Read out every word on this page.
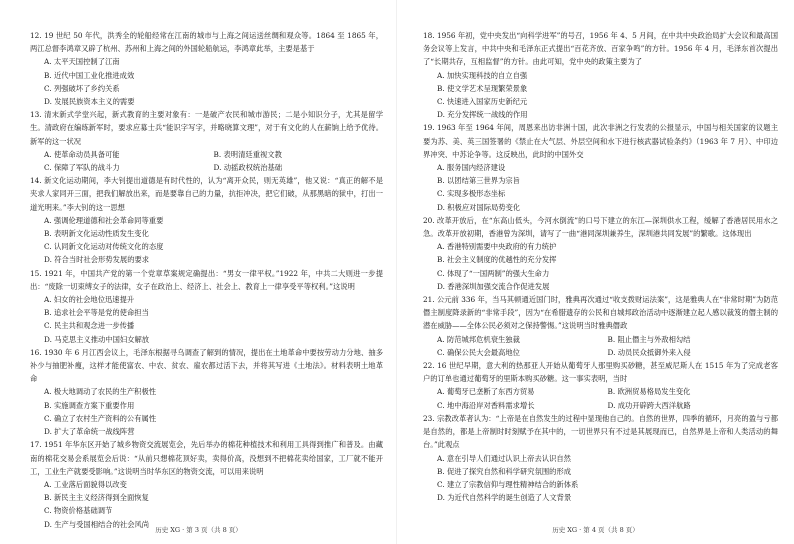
12. 19 世纪 50 年代，洪秀全的轮船经常在江南的城市与上海之间运送丝绸和观众等。1864 至 1865 年，两江总督李鸿章又辟了杭州、苏州和上海之间的外国轮船航运，李鸿章此举，主要是基于

A. 太平天国控制了江南
B. 近代中国工业化推进成效
C. 列强破坏了乡约关系
D. 发展民族资本主义的需要

13. 清末新式学堂兴起，新式教育的主要对象有：一是破产农民和城市游民；二是小知识分子，尤其是留学生。清政府在编练新军时，要求应募士兵“能识字写字，并略晓算文理”，对于有文化的人在薪饷上给予优待。新军的这一状况

A. 使革命动员具备可能	B. 表明清廷重视文教
C. 保障了军队的战斗力	D. 动摇政权统治基础

14. 新文化运动期间，李大钊提出道德是有时代性的，认为“离开众民，则无英雄”，他又说：“真正的解不是夹求人家同开三面，把我们解放出来，而是要靠自己的力量，抗拒冲决，把它们破，从那黑暗的狱中，打出一道光明来。”李大钊的这一思想

A. 强调伦理道德和社会革命同等重要
B. 表明新文化运动性质发生变化
C. 认同新文化运动对传统文化的态度
D. 符合当时社会形势发展的要求

15. 1921 年，中国共产党的第一个党章草案规定确提出：“男女一律平权。”1922 年，中共二大则进一步提出：“废除一切束缚女子的法律，女子在政治上、经济上、社会上、教育上一律享受平等权利。”这说明

A. 妇女的社会地位迅速提升
B. 追求社会平等是党的使命担当
C. 民主共和观念进一步传播
D. 马克思主义推动中国妇女解放

16. 1930 年 6 月江西会议上，毛泽东根据寻乌调查了解到的情况，提出在土地革命中要按劳动力分地、抽多补少与抽肥补瘦，这样才能使富农、中农、贫农、雇农都过活下去，并将其写进《土地法》。材料表明土地革命

A. 极大地调动了农民的生产积极性
B. 实施调查方案下重要作用
C. 确立了农村生产资料的公有属性
D. 扩大了革命统一战线阵营

17. 1951 年华东区开始了城乡物资交流展览会，先后举办的棉花种植技术和利用工具得到推广和普及。由藏南的棉花交易会系展览会后说：“从前只想棉花顶好卖，卖得价高，没想到不把棉花卖给国家，工厂就不能开工，工业生产就要受影响。”这说明当时华东区的物资交流，可以用来说明

A. 工业落后面貌得以改变
B. 新民主主义经济得到全面恢复
C. 物资价格基础调节
D. 生产与受国相结合的社会风尚
历史 XG · 第 3 页（共 8 页）

18. 1956 年初，党中央发出“向科学进军”的号召，1956 年 4、5 月间，在中共中央政治局扩大会议和最高国务会议等上发言，中共中央和毛泽东正式提出“百花齐放、百家争鸣”的方针。1956 年 4 月，毛泽东首次提出了“长期共存，互相监督”的方针。由此可知，党中央的政策主要为了

A. 加快实现科技的自立自强
B. 使文学艺术呈现繁荣景象
C. 快速进入国家历史新纪元
D. 充分发挥统一战线的作用

19. 1963 年至 1964 年间，周恩来出访非洲十国，此次非洲之行发表的公报显示，中国与相关国家的议题主要为苏、美、英三国签署的《禁止在大气层、外层空间和水下进行核武器试验条约》（1963 年 7 月）、中印边界冲突、中苏论争等。这反映出，此时的中国外交

A. 服务国内经济建设
B. 以团结第三世界为宗旨
C. 实现多极形态坐标
D. 积极应对国际局势变化

20. 改革开放后，在“东高山低头，今河水倒流”的口号下建立的东江—深圳供水工程，缓解了香港居民用水之急。改革开放初期，香港曾为深圳，请写了一曲“港同深圳兼养生，深圳港共同发展”的繁歌。这体现出

A. 香港特别需要中央政府的有力统护
B. 社会主义制度的优越性的充分发挥
C. 体现了“一国两制”的强大生命力
D. 香港深圳加强交流合作促进发展

21. 公元前 336 年，当马其顿通近国门时，雅典再次通过“收支拨财运法案”，这是雅典人在“非常时期”为防范僭主制度降录新的“非常手段”，因为“在希腊遗存的公民和自城邦政治活动中逐渐建立起人感以裁笈的僭主制的潜在威胁——全体公民必须对之保持警惕。”这说明当时雅典僭政

A. 防范城邦危机衰生独裁	B. 阻止僭主与外敌相勾结
C. 确保公民大会最高地位	D. 动员民众抵御外来入侵

22. 16 世纪早期，意大利的热那亚人开始从葡萄牙人那里购买砂糖，甚至威尼斯人在 1515 年为了完成老客户的订单也通过葡萄牙的里斯本购买砂糖。这一事实表明，当时

A. 葡萄牙已垄断了东西方贸易	B. 欧洲贸易格局发生变化
C. 地中海沿岸对香料需求增长	D. 成功开辟跨大西洋航路

23. 宗教改革者认为：“上帝是在自然发生的过程中显现他自己的。自然的世界，四季的循环，月亮的盈与亏都是自然的，都是上帝制时时刻赋予在其中的，一切世界只有不过是其展现而已，自然界是上帝和人类活动的舞台。”此观点

A. 意在引导人们通过认识上帝去认识自然
B. 促进了探究自然和科学研究氛围的形成
C. 建立了宗教信仰与理性精神结合的新体系
D. 为近代自然科学的诞生创造了人文背景
历史 XG · 第 4 页（共 8 页）
